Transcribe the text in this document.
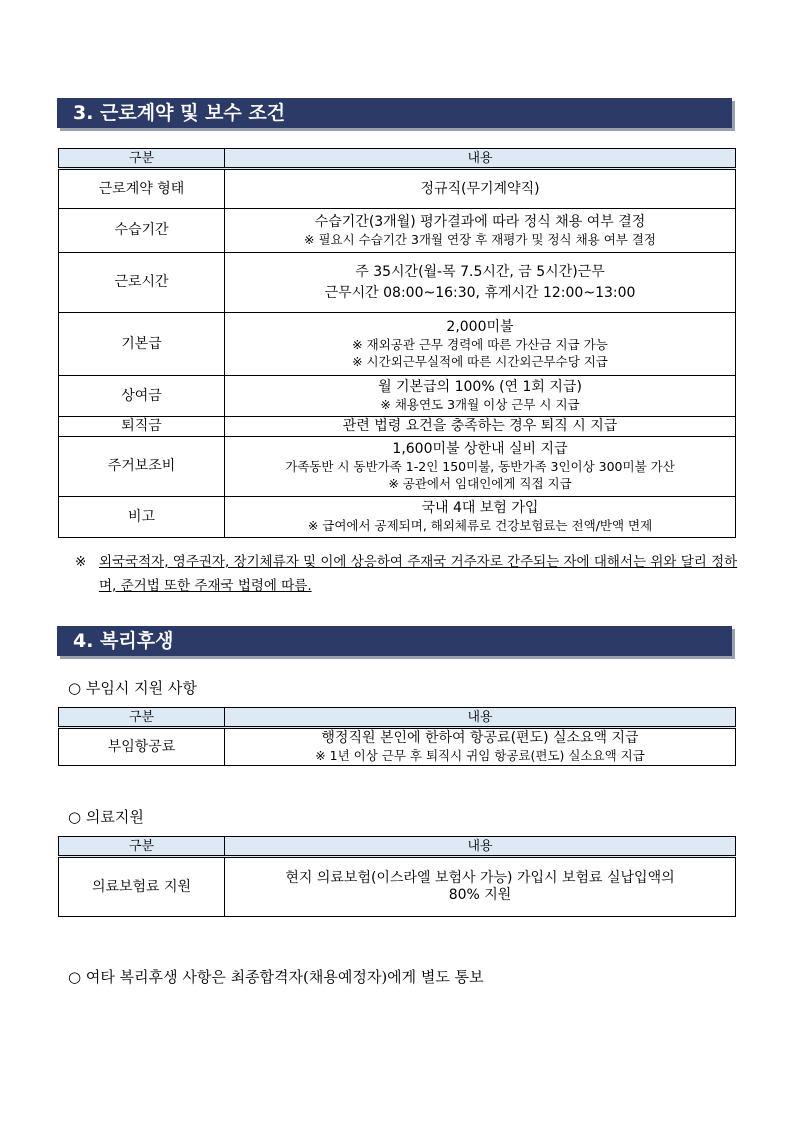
3. 근로계약 및 보수 조건
구분	내용
근로계약 형태	정규직(무기계약직)

수습기간	수습기간(3개월) 평가결과에 따라 정식 채용 여부 결정
※ 필요시 수습기간 3개월 연장 후 재평가 및 정식 채용 여부 결정

근로시간	주 35시간(월-목 7.5시간, 금 5시간)근무
근무시간 08:00~16:30, 휴게시간 12:00~13:00

기본급	2,000미불
※ 재외공관 근무 경력에 따른 가산금 지급 가능
※ 시간외근무실적에 따른 시간외근무수당 지급

상여금	월 기본급의 100% (연 1회 지급)
※ 채용연도 3개월 이상 근무 시 지급

퇴직금	관련 법령 요건을 충족하는 경우 퇴직 시 지급

주거보조비	1,600미불 상한내 실비 지급
가족동반 시 동반가족 1-2인 150미불, 동반가족 3인이상 300미불 가산
※ 공관에서 임대인에게 직접 지급

비고	국내 4대 보험 가입
※ 급여에서 공제되며, 해외체류로 건강보험료는 전액/반액 면제
※ 외국국적자, 영주권자, 장기체류자 및 이에 상응하여 주재국 거주자로 간주되는 자에 대해서는 위와 달리 정하며, 준거법 또한 주재국 법령에 따름.
4. 복리후생
○ 부임시 지원 사항
구분	내용
부임항공료	행정직원 본인에 한하여 항공료(편도) 실소요액 지급
※ 1년 이상 근무 후 퇴직시 귀임 항공료(편도) 실소요액 지급
○ 의료지원
구분	내용
의료보험료 지원	현지 의료보험(이스라엘 보험사 가능) 가입시 보험료 실납입액의
80% 지원
○ 여타 복리후생 사항은 최종합격자(채용예정자)에게 별도 통보
